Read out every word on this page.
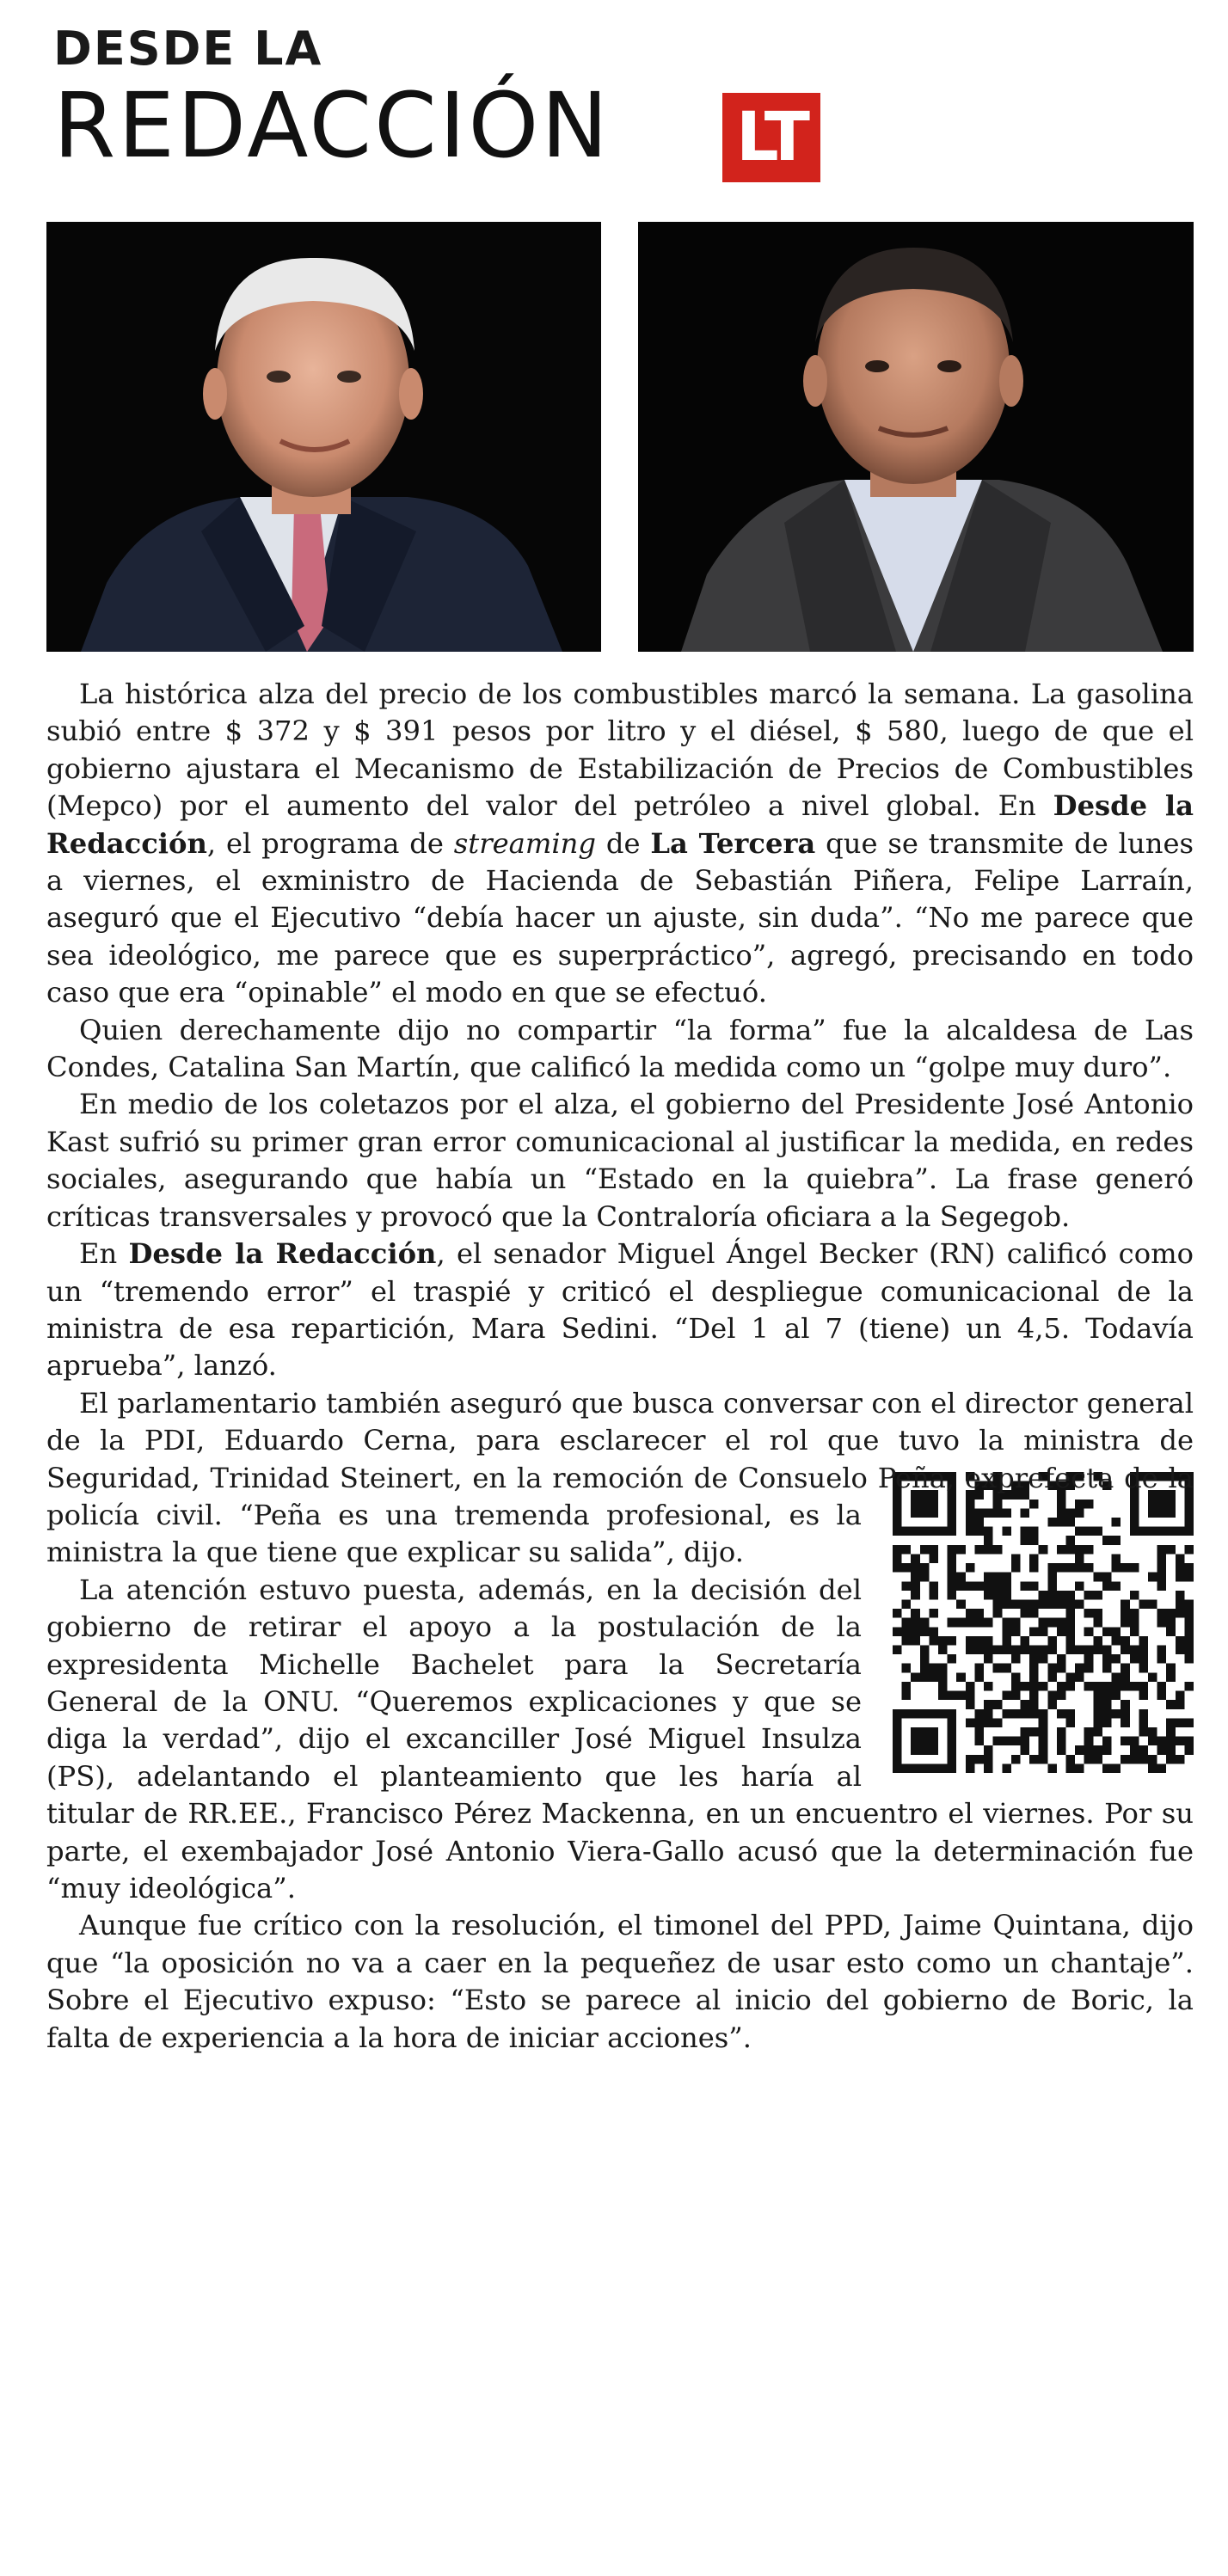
DESDE LA
REDACCIÓN LT

La histórica alza del precio de los combustibles marcó la semana. La gasolina subió entre $ 372 y $ 391 pesos por litro y el diésel, $ 580, luego de que el gobierno ajustara el Mecanismo de Estabilización de Precios de Combustibles (Mepco) por el aumento del valor del petróleo a nivel global. En Desde la Redacción, el programa de streaming de La Tercera que se transmite de lunes a viernes, el exministro de Hacienda de Sebastián Piñera, Felipe Larraín, aseguró que el Ejecutivo “debía hacer un ajuste, sin duda”. “No me parece que sea ideológico, me parece que es superpráctico”, agregó, precisando en todo caso que era “opinable” el modo en que se efectuó.

Quien derechamente dijo no compartir “la forma” fue la alcaldesa de Las Condes, Catalina San Martín, que calificó la medida como un “golpe muy duro”.

En medio de los coletazos por el alza, el gobierno del Presidente José Antonio Kast sufrió su primer gran error comunicacional al justificar la medida, en redes sociales, asegurando que había un “Estado en la quiebra”. La frase generó críticas transversales y provocó que la Contraloría oficiara a la Segegob.

En Desde la Redacción, el senador Miguel Ángel Becker (RN) calificó como un “tremendo error” el traspié y criticó el despliegue comunicacional de la ministra de esa repartición, Mara Sedini. “Del 1 al 7 (tiene) un 4,5. Todavía aprueba”, lanzó.

El parlamentario también aseguró que busca conversar con el director general de la PDI, Eduardo Cerna, para esclarecer el rol que tuvo la ministra de Seguridad,
Trinidad Steinert, en la remoción de Consuelo Peña, exprefecta de la policía civil. “Peña es una tremenda profesional, es la ministra la que tiene que explicar su salida”, dijo.

La atención estuvo puesta, además, en la decisión del gobierno de retirar el apoyo a la postulación de la expresidenta Michelle Bachelet para la Secretaría General de la ONU. “Queremos explicaciones y que se diga la verdad”, dijo el excanciller José Miguel Insulza (PS), adelantando el planteamiento que les haría al titular de RR.EE., Francisco Pérez Mackenna, en un encuentro el viernes. Por su parte, el exembajador José Antonio Viera-Gallo acusó que la determinación fue “muy ideológica”.

Aunque fue crítico con la resolución, el timonel del PPD, Jaime Quintana, dijo que “la oposición no va a caer en la pequeñez de usar esto como un chantaje”. Sobre el Ejecutivo expuso: “Esto se parece al inicio del gobierno de Boric, la falta de experiencia a la hora de iniciar acciones”.
